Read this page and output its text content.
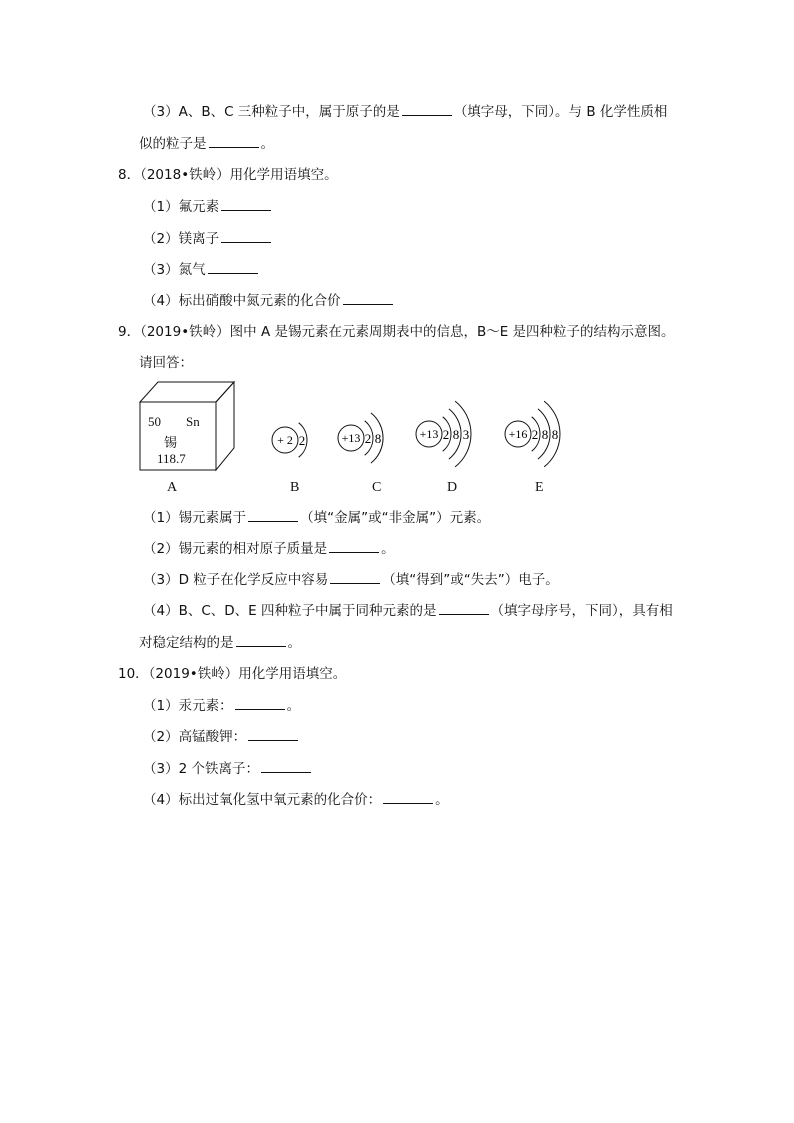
（3）A、B、C 三种粒子中，属于原子的是	（填字母，下同）。与 B 化学性质相
似的粒子是	。
8．（2018•铁岭）用化学用语填空。
（1）氟元素
（2）镁离子
（3）氮气
（4）标出硝酸中氮元素的化合价
9．（2019•铁岭）图中 A 是锡元素在元素周期表中的信息，B～E 是四种粒子的结构示意图。
请回答：
50 Sn
锡
118.7
A
+ 2 2	+13 2 8	+13 2 8 3	+16 2 8 8
B	C	D	E
（1）锡元素属于	（填“金属”或“非金属”）元素。
（2）锡元素的相对原子质量是	。
（3）D 粒子在化学反应中容易	（填“得到”或“失去”）电子。
（4）B、C、D、E 四种粒子中属于同种元素的是	（填字母序号，下同），具有相
对稳定结构的是	。
10．（2019•铁岭）用化学用语填空。
（1）汞元素：	。
（2）高锰酸钾：
（3）2 个铁离子：
（4）标出过氧化氢中氧元素的化合价：	。
